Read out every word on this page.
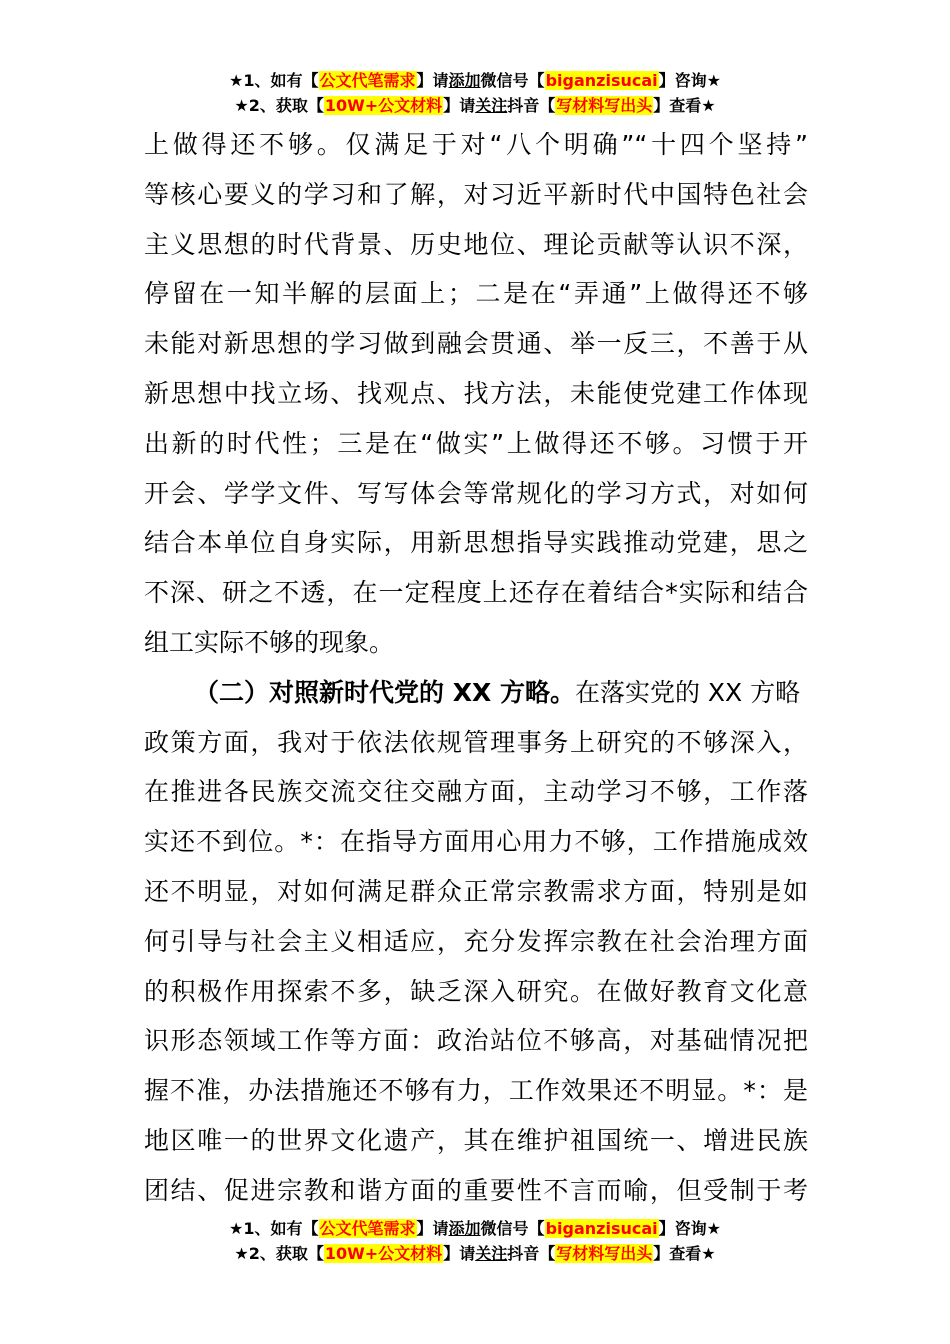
★1、如有【公文代笔需求】请添加微信号【biganzisucai】咨询★
★2、获取【10W+公文材料】请关注抖音【写材料写出头】查看★
上做得还不够。仅满足于对“八个明确”“十四个坚持”
等核心要义的学习和了解，对习近平新时代中国特色社会
主义思想的时代背景、历史地位、理论贡献等认识不深，
停留在一知半解的层面上；二是在“弄通”上做得还不够
未能对新思想的学习做到融会贯通、举一反三，不善于从
新思想中找立场、找观点、找方法，未能使党建工作体现
出新的时代性；三是在“做实”上做得还不够。习惯于开
开会、学学文件、写写体会等常规化的学习方式，对如何
结合本单位自身实际，用新思想指导实践推动党建，思之
不深、研之不透，在一定程度上还存在着结合*实际和结合
组工实际不够的现象。
（二）对照新时代党的 XX 方略。在落实党的 XX 方略
政策方面，我对于依法依规管理事务上研究的不够深入，
在推进各民族交流交往交融方面，主动学习不够，工作落
实还不到位。*：在指导方面用心用力不够，工作措施成效
还不明显，对如何满足群众正常宗教需求方面，特别是如
何引导与社会主义相适应，充分发挥宗教在社会治理方面
的积极作用探索不多，缺乏深入研究。在做好教育文化意
识形态领域工作等方面：政治站位不够高，对基础情况把
握不准，办法措施还不够有力，工作效果还不明显。*：是
地区唯一的世界文化遗产，其在维护祖国统一、增进民族
团结、促进宗教和谐方面的重要性不言而喻，但受制于考
★1、如有【公文代笔需求】请添加微信号【biganzisucai】咨询★
★2、获取【10W+公文材料】请关注抖音【写材料写出头】查看★
